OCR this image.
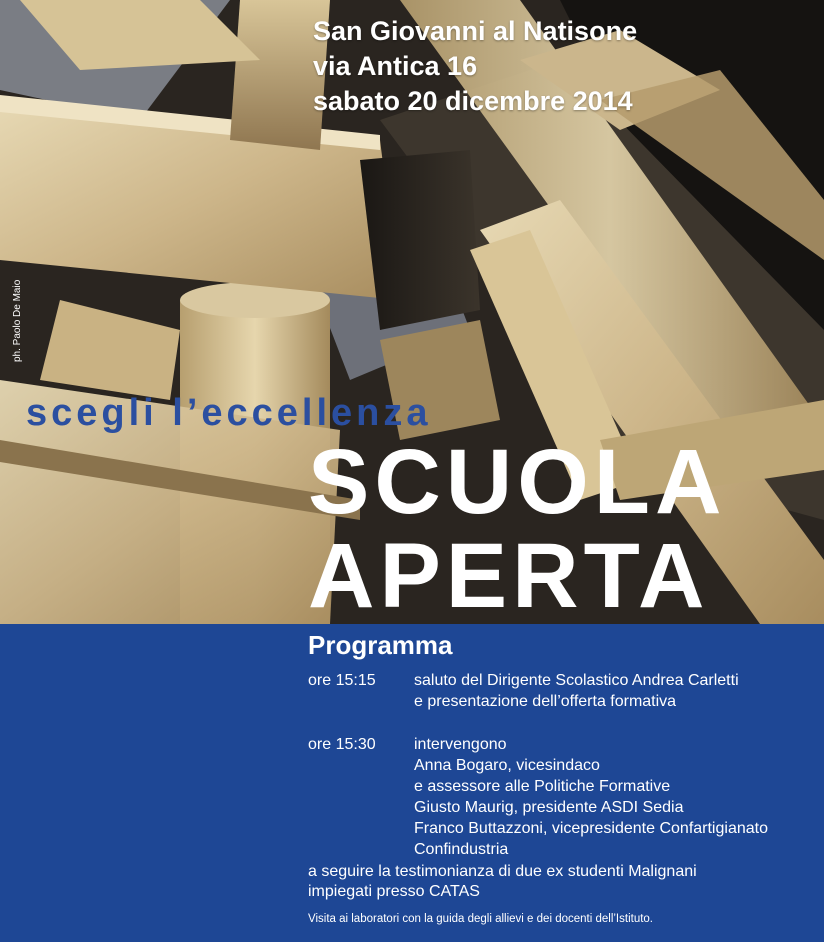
San Giovanni al Natisone
via Antica 16
sabato 20 dicembre 2014
ph. Paolo De Maio
scegli l’eccellenza
SCUOLA
APERTA
Programma
ore 15:15 saluto del Dirigente Scolastico Andrea Carletti
e presentazione dell’offerta formativa
ore 15:30 intervengono
Anna Bogaro, vicesindaco
e assessore alle Politiche Formative
Giusto Maurig, presidente ASDI Sedia
Franco Buttazzoni, vicepresidente Confartigianato
Confindustria
a seguire la testimonianza di due ex studenti Malignani
impiegati presso CATAS
Visita ai laboratori con la guida degli allievi e dei docenti dell’Istituto.
